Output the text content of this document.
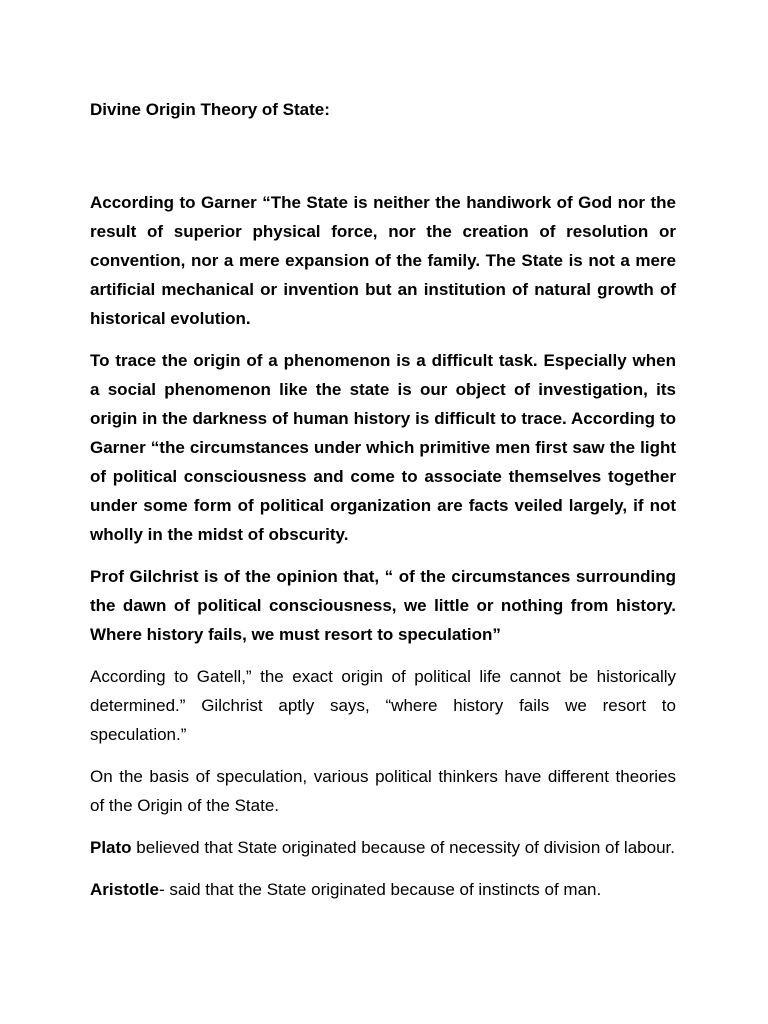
Divine Origin Theory of State:

According to Garner “The State is neither the handiwork of God nor the result of superior physical force, nor the creation of resolution or convention, nor a mere expansion of the family. The State is not a mere artificial mechanical or invention but an institution of natural growth of historical evolution.

To trace the origin of a phenomenon is a difficult task. Especially when a social phenomenon like the state is our object of investigation, its origin in the darkness of human history is difficult to trace. According to Garner “the circumstances under which primitive men first saw the light of political consciousness and come to associate themselves together under some form of political organization are facts veiled largely, if not wholly in the midst of obscurity.

Prof Gilchrist is of the opinion that, “ of the circumstances surrounding the dawn of political consciousness, we little or nothing from history. Where history fails, we must resort to speculation”

According to Gatell,” the exact origin of political life cannot be historically determined.” Gilchrist aptly says, “where history fails we resort to speculation.”

On the basis of speculation, various political thinkers have different theories of the Origin of the State.

Plato believed that State originated because of necessity of division of labour.

Aristotle- said that the State originated because of instincts of man.
